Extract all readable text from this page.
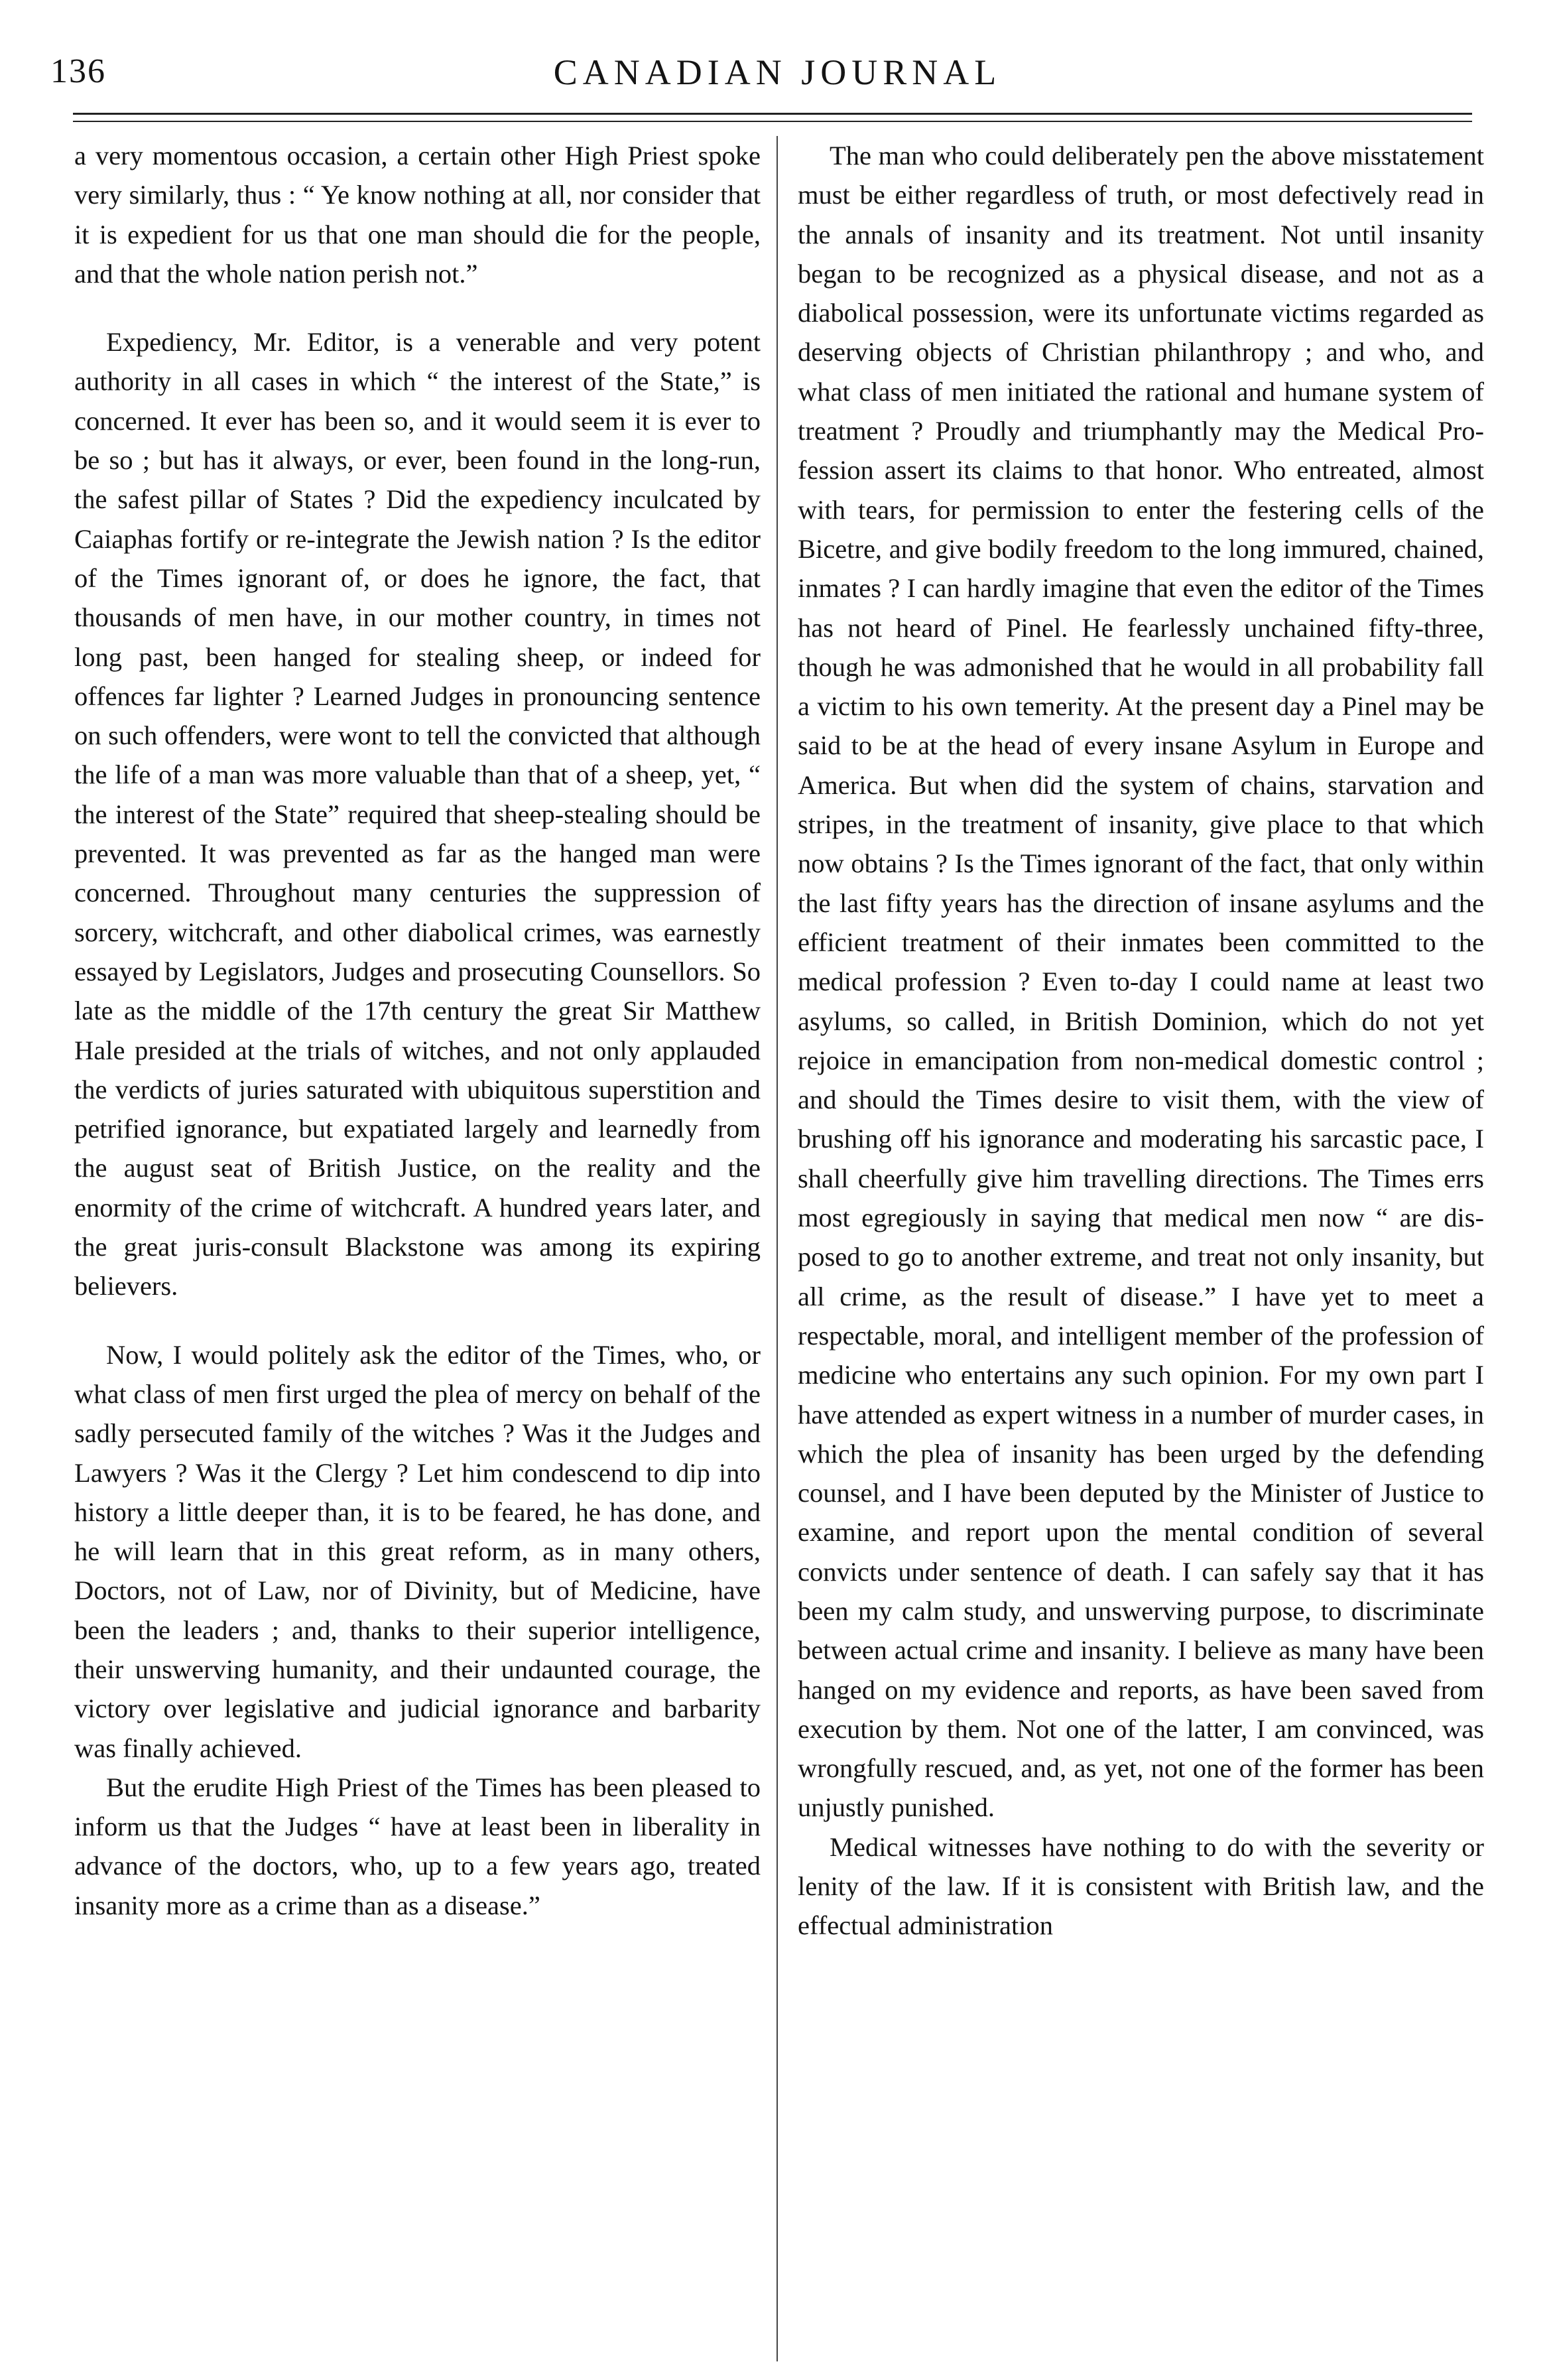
CANADIAN JOURNAL
136

a very momentous occasion, a certain other High Priest spoke very similarly, thus : “ Ye know nothing at all, nor consider that it is expedient for us that one man should die for the people, and that the whole nation perish not.”

Expediency, Mr. Editor, is a venerable and very potent authority in all cases in which “ the interest of the State,” is concerned. It ever has been so, and it would seem it is ever to be so ; but has it always, or ever, been found in the long-run, the safest pillar of States ? Did the expediency inculcated by Caiaphas fortify or re-integrate the Jewish nation ? Is the editor of the Times ignorant of, or does he ignore, the fact, that thousands of men have, in our mother country, in times not long past, been hanged for stealing sheep, or indeed for offences far lighter ? Learned Judges in pronouncing sentence on such offenders, were wont to tell the convicted that although the life of a man was more valuable than that of a sheep, yet, “ the interest of the State” required that sheep-stealing should be prevented. It was prevented as far as the hanged man were concerned. Throughout many centuries the suppression of sorcery, witchcraft, and other diabolical crimes, was earnestly essayed by Legislators, Judges and prosecuting Counsellors. So late as the middle of the 17th century the great Sir Matthew Hale presided at the trials of witches, and not only applauded the verdicts of juries saturated with ubiquitous superstition and petrified ignorance, but expatiated largely and learnedly from the august seat of British Justice, on the reality and the enormity of the crime of witchcraft. A hundred years later, and the great juris-consult Blackstone was among its expiring believers.

Now, I would politely ask the editor of the Times, who, or what class of men first urged the plea of mercy on behalf of the sadly persecuted family of the witches ? Was it the Judges and Lawyers ? Was it the Clergy ? Let him condescend to dip into history a little deeper than, it is to be feared, he has done, and he will learn that in this great reform, as in many others, Doctors, not of Law, nor of Divinity, but of Medicine, have been the leaders ; and, thanks to their superior intelligence, their unswerving humanity, and their undaunted courage, the victory over legislative and judicial ignorance and barbarity was finally achieved.

But the erudite High Priest of the Times has been pleased to inform us that the Judges “ have at least been in liberality in advance of the doctors, who, up to a few years ago, treated insanity more as a crime than as a disease.”

The man who could deliberately pen the above misstatement must be either regardless of truth, or most defectively read in the annals of insanity and its treatment. Not until insanity began to be recognized as a physical disease, and not as a diabolical possession, were its unfortunate victims regarded as deserving objects of Christian philanthropy ; and who, and what class of men initiated the rational and humane system of treatment ? Proudly and triumphantly may the Medical Profession assert its claims to that honor. Who entreated, almost with tears, for permission to enter the festering cells of the Bicetre, and give bodily freedom to the long immured, chained, inmates ? I can hardly imagine that even the editor of the Times has not heard of Pinel. He fearlessly unchained fifty-three, though he was admonished that he would in all probability fall a victim to his own temerity. At the present day a Pinel may be said to be at the head of every insane Asylum in Europe and America. But when did the system of chains, starvation and stripes, in the treatment of insanity, give place to that which now obtains ? Is the Times ignorant of the fact, that only within the last fifty years has the direction of insane asylums and the efficient treatment of their inmates been committed to the medical profession ? Even to-day I could name at least two asylums, so called, in British Dominion, which do not yet rejoice in emancipation from non-medical domestic control ; and should the Times desire to visit them, with the view of brushing off his ignorance and moderating his sarcastic pace, I shall cheerfully give him travelling directions. The Times errs most egregiously in saying that medical men now “ are disposed to go to another extreme, and treat not only insanity, but all crime, as the result of disease.” I have yet to meet a respectable, moral, and intelligent member of the profession of medicine who entertains any such opinion. For my own part I have attended as expert witness in a number of murder cases, in which the plea of insanity has been urged by the defending counsel, and I have been deputed by the Minister of Justice to examine, and report upon the mental condition of several convicts under sentence of death. I can safely say that it has been my calm study, and unswerving purpose, to discriminate between actual crime and insanity. I believe as many have been hanged on my evidence and reports, as have been saved from execution by them. Not one of the latter, I am convinced, was wrongfully rescued, and, as yet, not one of the former has been unjustly punished.

Medical witnesses have nothing to do with the severity or lenity of the law. If it is consistent with British law, and the effectual administration
